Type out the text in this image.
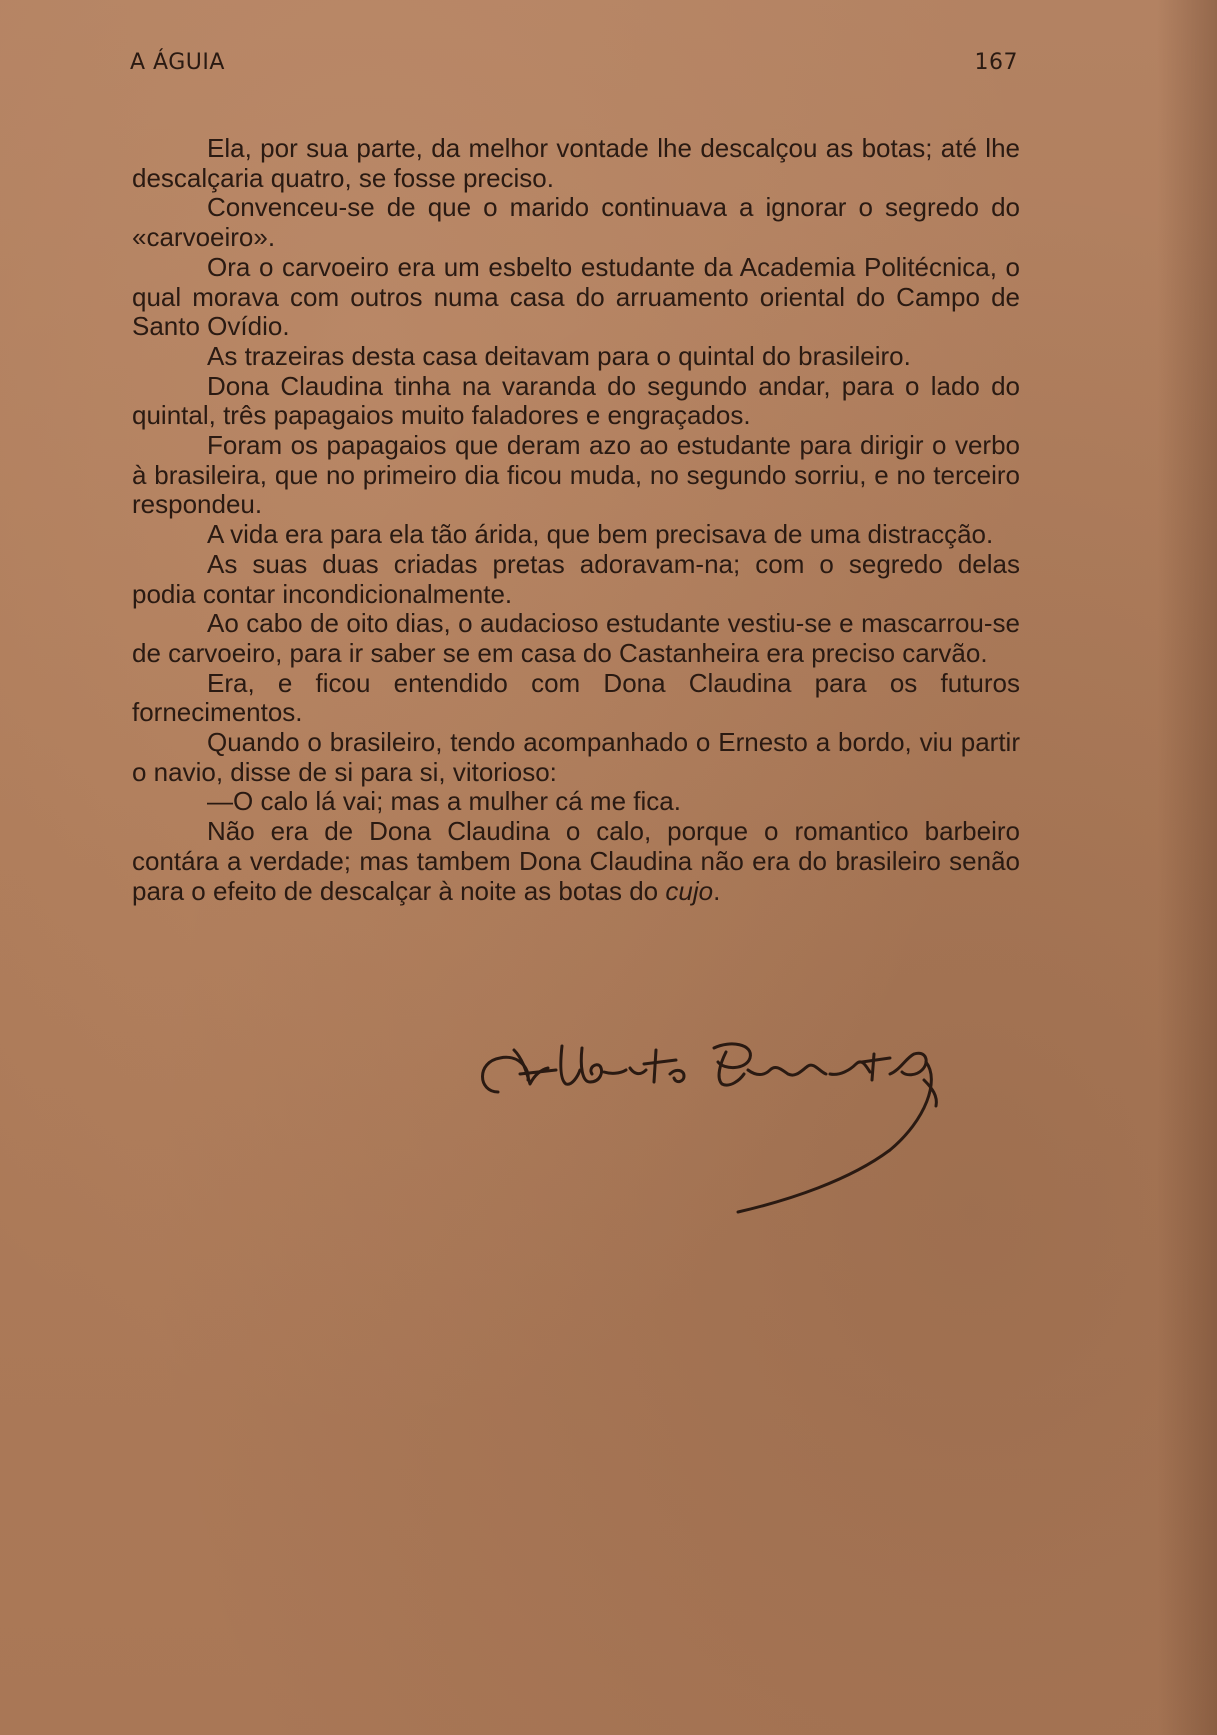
A ÁGUIA	167

Ela, por sua parte, da melhor vontade lhe descalçou as botas; até lhe descalçaria quatro, se fosse preciso.

Convenceu-se de que o marido continuava a ignorar o segredo do «carvoeiro».

Ora o carvoeiro era um esbelto estudante da Academia Politécnica, o qual morava com outros numa casa do arruamento oriental do Campo de Santo Ovídio.

As trazeiras desta casa deitavam para o quintal do brasileiro.

Dona Claudina tinha na varanda do segundo andar, para o lado do quintal, três papagaios muito faladores e engraçados.

Foram os papagaios que deram azo ao estudante para dirigir o verbo à brasileira, que no primeiro dia ficou muda, no segundo sorriu, e no terceiro respondeu.

A vida era para ela tão árida, que bem precisava de uma distracção.

As suas duas criadas pretas adoravam-na; com o segredo delas podia contar incondicionalmente.

Ao cabo de oito dias, o audacioso estudante vestiu-se e mascarrou-se de carvoeiro, para ir saber se em casa do Castanheira era preciso carvão.

Era, e ficou entendido com Dona Claudina para os futuros fornecimentos.

Quando o brasileiro, tendo acompanhado o Ernesto a bordo, viu partir o navio, disse de si para si, vitorioso:

—O calo lá vai; mas a mulher cá me fica.

Não era de Dona Claudina o calo, porque o romantico barbeiro contára a verdade; mas tambem Dona Claudina não era do brasileiro senão para o efeito de descalçar à noite as botas do cujo.
